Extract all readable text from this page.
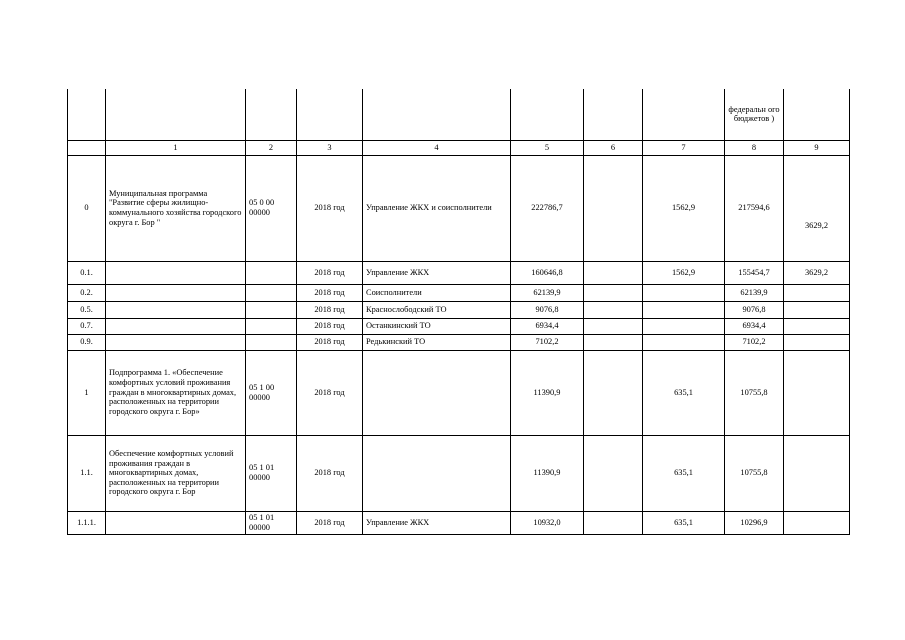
								федеральн ого бюджетов )	
	1	2	3	4	5	6	7	8	9
0	Муниципальная программа "Развитие сферы жилищно-коммунального хозяйства городского округа г. Бор "	05 0 00 00000	2018 год	Управление ЖКХ и соисполнители	222786,7		1562,9	217594,6	3629,2
0.1.			2018 год	Управление ЖКХ	160646,8		1562,9	155454,7	3629,2
0.2.			2018 год	Соисполнители	62139,9			62139,9	
0.5.			2018 год	Краснослободский ТО	9076,8			9076,8	
0.7.			2018 год	Останкинский ТО	6934,4			6934,4	
0.9.			2018 год	Редькинский ТО	7102,2			7102,2	
1	Подпрограмма 1. «Обеспечение комфортных условий проживания граждан в многоквартирных домах, расположенных на территории городского округа г. Бор»	05 1 00 00000	2018 год		11390,9		635,1	10755,8	
1.1.	Обеспечение комфортных условий проживания граждан в многоквартирных домах, расположенных на территории городского округа г. Бор	05 1 01 00000	2018 год		11390,9		635,1	10755,8	
1.1.1.		05 1 01 00000	2018 год	Управление ЖКХ	10932,0		635,1	10296,9	
